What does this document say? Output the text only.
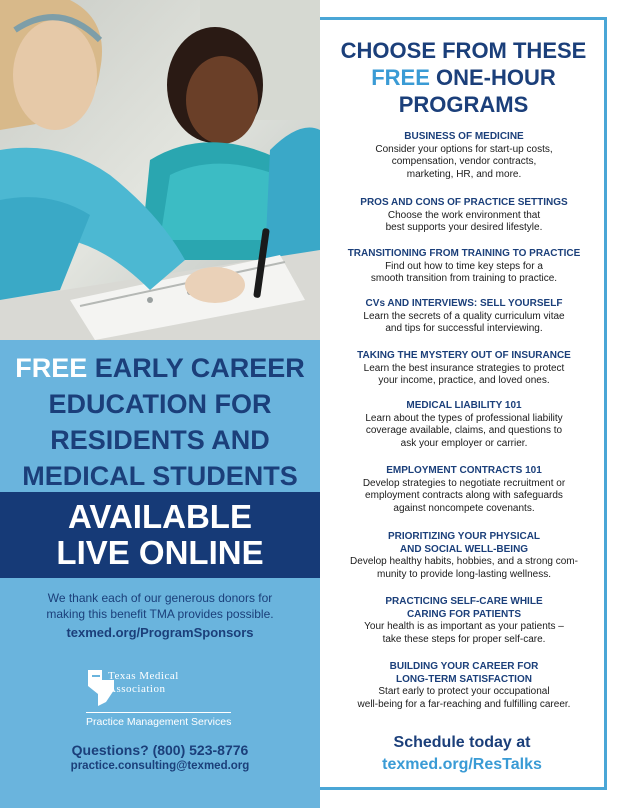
FREE EARLY CAREER
EDUCATION FOR
RESIDENTS AND
MEDICAL STUDENTS
AVAILABLE
LIVE ONLINE
We thank each of our generous donors for
making this benefit TMA provides possible.
texmed.org/ProgramSponsors
Texas Medical
Association
Practice Management Services
Questions? (800) 523-8776
practice.consulting@texmed.org
CHOOSE FROM THESE
FREE ONE-HOUR
PROGRAMS
BUSINESS OF MEDICINE
Consider your options for start-up costs,
compensation, vendor contracts,
marketing, HR, and more.
PROS AND CONS OF PRACTICE SETTINGS
Choose the work environment that
best supports your desired lifestyle.
TRANSITIONING FROM TRAINING TO PRACTICE
Find out how to time key steps for a
smooth transition from training to practice.
CVs AND INTERVIEWS: SELL YOURSELF
Learn the secrets of a quality curriculum vitae
and tips for successful interviewing.
TAKING THE MYSTERY OUT OF INSURANCE
Learn the best insurance strategies to protect
your income, practice, and loved ones.
MEDICAL LIABILITY 101
Learn about the types of professional liability
coverage available, claims, and questions to
ask your employer or carrier.
EMPLOYMENT CONTRACTS 101
Develop strategies to negotiate recruitment or
employment contracts along with safeguards
against noncompete covenants.
PRIORITIZING YOUR PHYSICAL
AND SOCIAL WELL-BEING
Develop healthy habits, hobbies, and a strong com-
munity to provide long-lasting wellness.
PRACTICING SELF-CARE WHILE
CARING FOR PATIENTS
Your health is as important as your patients –
take these steps for proper self-care.
BUILDING YOUR CAREER FOR
LONG-TERM SATISFACTION
Start early to protect your occupational
well-being for a far-reaching and fulfilling career.
Schedule today at
texmed.org/ResTalks
